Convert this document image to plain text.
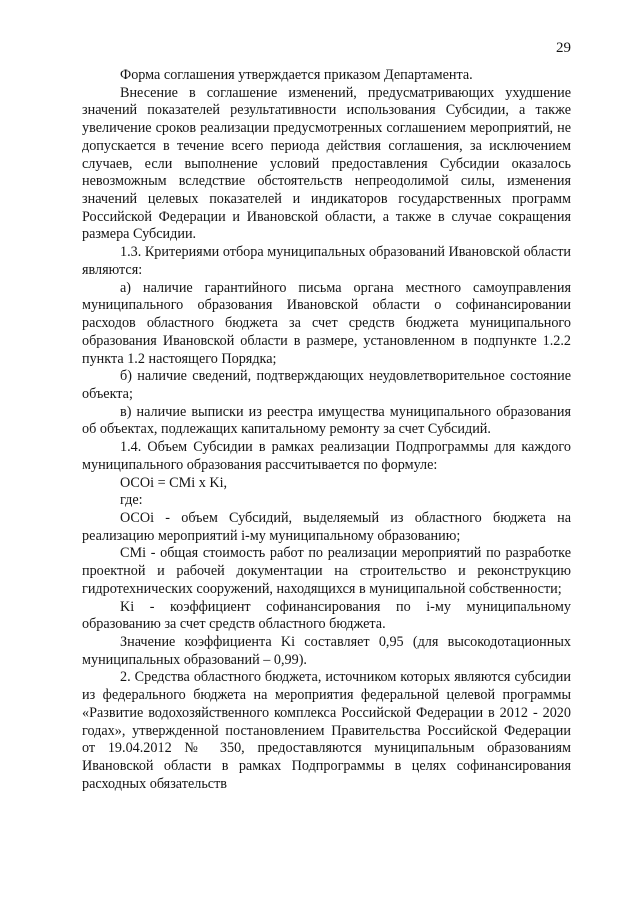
29

Форма соглашения утверждается приказом Департамента.

Внесение в соглашение изменений, предусматривающих ухудшение значений показателей результативности использования Субсидии, а также увеличение сроков реализации предусмотренных соглашением мероприятий, не допускается в течение всего периода действия соглашения, за исключением случаев, если выполнение условий предоставления Субсидии оказалось невозможным вследствие обстоятельств непреодолимой силы, изменения значений целевых показателей и индикаторов государственных программ Российской Федерации и Ивановской области, а также в случае сокращения размера Субсидии.

1.3. Критериями отбора муниципальных образований Ивановской области являются:

а) наличие гарантийного письма органа местного самоуправления муниципального образования Ивановской области о софинансировании расходов областного бюджета за счет средств бюджета муниципального образования Ивановской области в размере, установленном в подпункте 1.2.2 пункта 1.2 настоящего Порядка;

б) наличие сведений, подтверждающих неудовлетворительное состояние объекта;

в) наличие выписки из реестра имущества муниципального образования об объектах, подлежащих капитальному ремонту за счет Субсидий.

1.4. Объем Субсидии в рамках реализации Подпрограммы для каждого муниципального образования рассчитывается по формуле:

ОСОi = СМi x Ki,

где:

ОСОi - объем Субсидий, выделяемый из областного бюджета на реализацию мероприятий i-му муниципальному образованию;

СМi - общая стоимость работ по реализации мероприятий по разработке проектной и рабочей документации на строительство и реконструкцию гидротехнических сооружений, находящихся в муниципальной собственности;

Ki - коэффициент софинансирования по i-му муниципальному образованию за счет средств областного бюджета.

Значение коэффициента Ki составляет 0,95 (для высокодотационных муниципальных образований – 0,99).

2. Средства областного бюджета, источником которых являются субсидии из федерального бюджета на мероприятия федеральной целевой программы «Развитие водохозяйственного комплекса Российской Федерации в 2012 - 2020 годах», утвержденной постановлением Правительства Российской Федерации от 19.04.2012 № 350, предоставляются муниципальным образованиям Ивановской области в рамках Подпрограммы в целях софинансирования расходных обязательств
